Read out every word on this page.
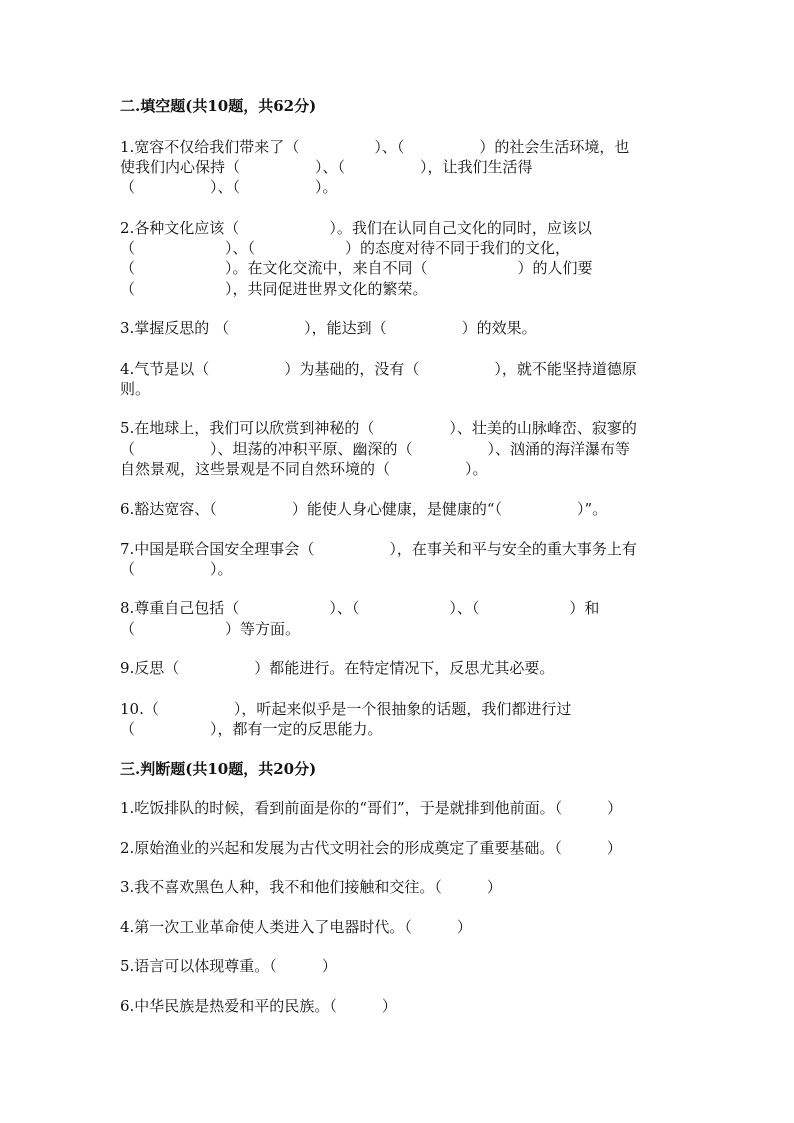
二.填空题(共10题，共62分)
1.宽容不仅给我们带来了（　　　　　）、（　　　　　）的社会生活环境，也
使我们内心保持（　　　　　）、（　　　　　），让我们生活得
（　　　　　）、（　　　　　）。
2.各种文化应该（　　　　　　）。我们在认同自己文化的同时，应该以
（　　　　　　）、（　　　　　　）的态度对待不同于我们的文化，
（　　　　　　）。在文化交流中，来自不同（　　　　　　）的人们要
（　　　　　　），共同促进世界文化的繁荣。
3.掌握反思的 （　　　　　），能达到（　　　　　）的效果。
4.气节是以（　　　　　）为基础的，没有（　　　　　），就不能坚持道德原
则。
5.在地球上，我们可以欣赏到神秘的（　　　　　）、壮美的山脉峰峦、寂寥的
（　　　　　）、坦荡的冲积平原、幽深的（　　　　　）、汹涌的海洋瀑布等
自然景观，这些景观是不同自然环境的（　　　　　）。
6.豁达宽容、（　　　　　）能使人身心健康，是健康的“（　　　　　）”。
7.中国是联合国安全理事会（　　　　　），在事关和平与安全的重大事务上有
（　　　　　）。
8.尊重自己包括（　　　　　　）、（　　　　　　）、（　　　　　　）和
（　　　　　　）等方面。
9.反思（　　　　　）都能进行。在特定情况下，反思尤其必要。
10.（　　　　　），听起来似乎是一个很抽象的话题，我们都进行过
（　　　　　），都有一定的反思能力。
三.判断题(共10题，共20分)
1.吃饭排队的时候，看到前面是你的“哥们”，于是就排到他前面。（　　　）
2.原始渔业的兴起和发展为古代文明社会的形成奠定了重要基础。（　　　）
3.我不喜欢黑色人种，我不和他们接触和交往。（　　　）
4.第一次工业革命使人类进入了电器时代。（　　　）
5.语言可以体现尊重。（　　　）
6.中华民族是热爱和平的民族。（　　　）
